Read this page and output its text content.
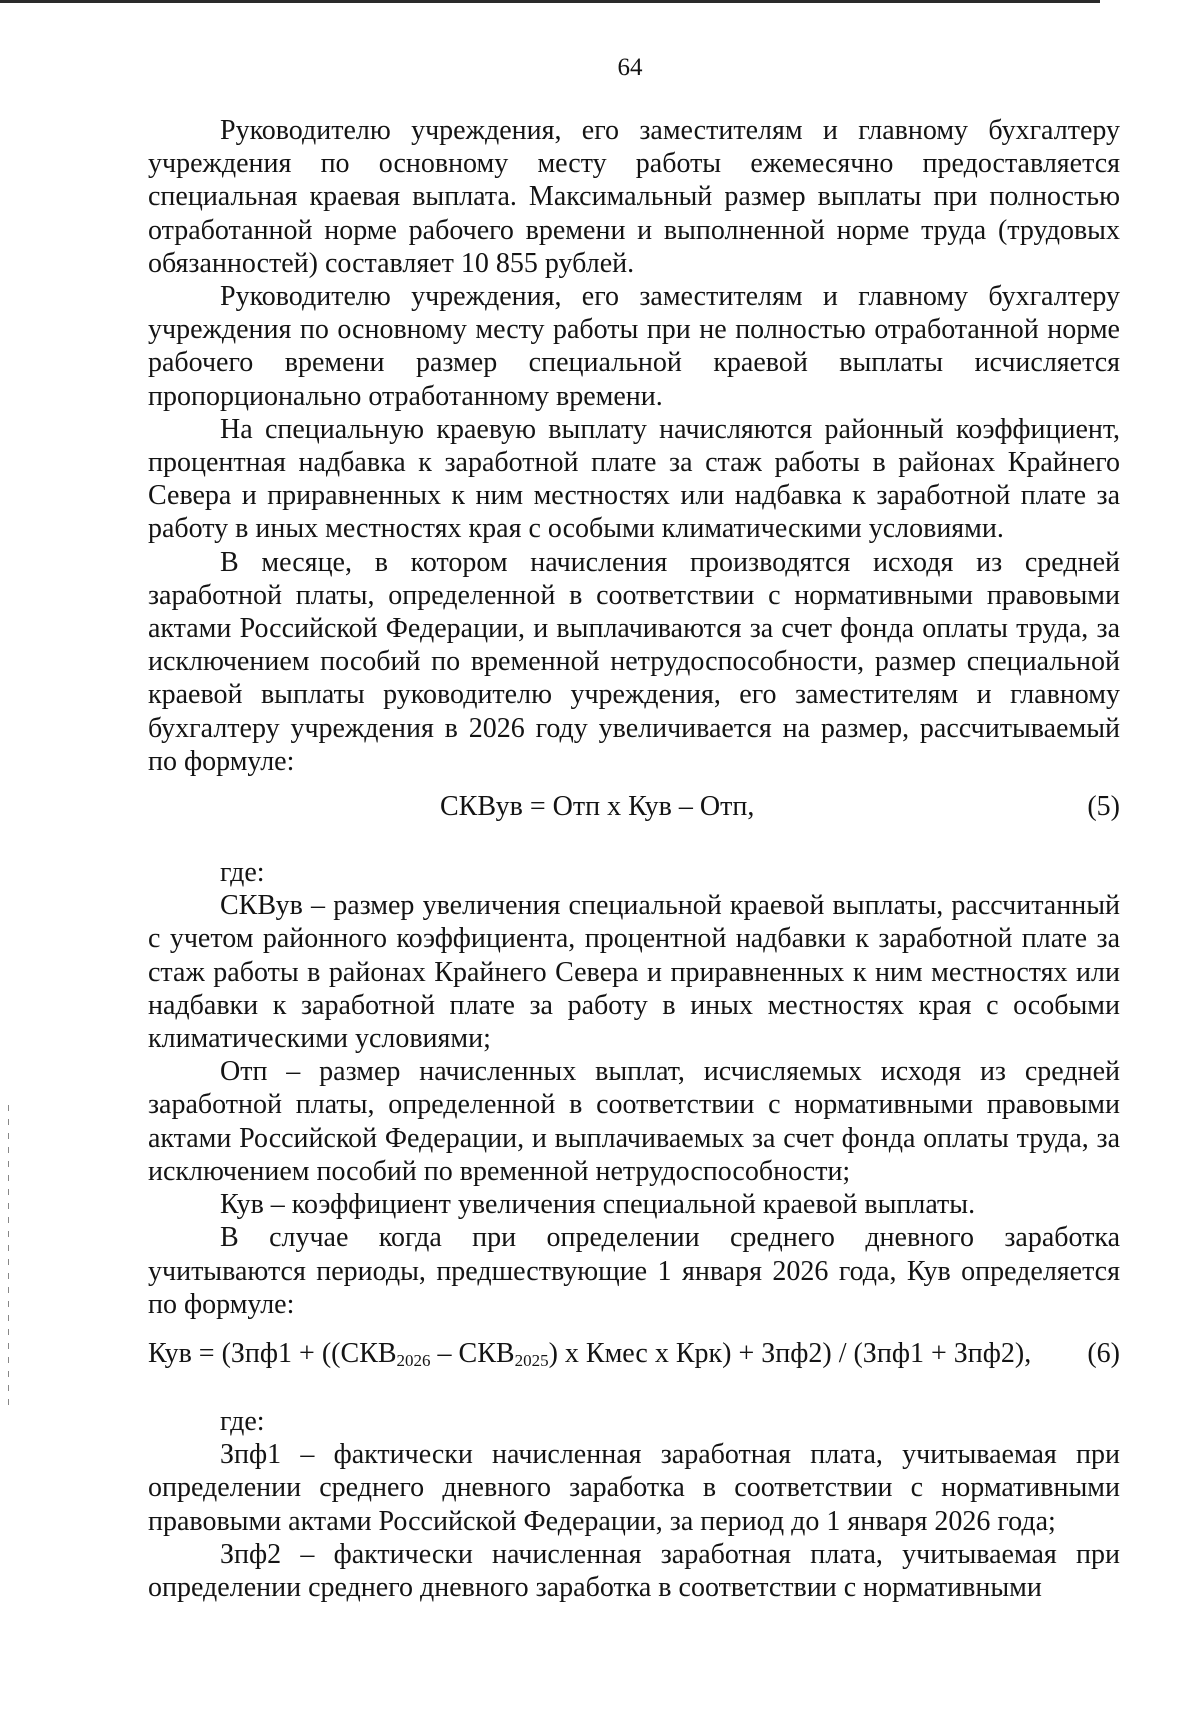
64

Руководителю учреждения, его заместителям и главному бухгалтеру учреждения по основному месту работы ежемесячно предоставляется специальная краевая выплата. Максимальный размер выплаты при полностью отработанной норме рабочего времени и выполненной норме труда (трудовых обязанностей) составляет 10 855 рублей.

Руководителю учреждения, его заместителям и главному бухгалтеру учреждения по основному месту работы при не полностью отработанной норме рабочего времени размер специальной краевой выплаты исчисляется пропорционально отработанному времени.

На специальную краевую выплату начисляются районный коэффициент, процентная надбавка к заработной плате за стаж работы в районах Крайнего Севера и приравненных к ним местностях или надбавка к заработной плате за работу в иных местностях края с особыми климатическими условиями.

В месяце, в котором начисления производятся исходя из средней заработной платы, определенной в соответствии с нормативными правовыми актами Российской Федерации, и выплачиваются за счет фонда оплаты труда, за исключением пособий по временной нетрудоспособности, размер специальной краевой выплаты руководителю учреждения, его заместителям и главному бухгалтеру учреждения в 2026 году увеличивается на размер, рассчитываемый по формуле:

СКВув = Отп х Кув – Отп,	(5)

где:

СКВув – размер увеличения специальной краевой выплаты, рассчитанный с учетом районного коэффициента, процентной надбавки к заработной плате за стаж работы в районах Крайнего Севера и приравненных к ним местностях или надбавки к заработной плате за работу в иных местностях края с особыми климатическими условиями;

Отп – размер начисленных выплат, исчисляемых исходя из средней заработной платы, определенной в соответствии с нормативными правовыми актами Российской Федерации, и выплачиваемых за счет фонда оплаты труда, за исключением пособий по временной нетрудоспособности;

Кув – коэффициент увеличения специальной краевой выплаты.

В случае когда при определении среднего дневного заработка учитываются периоды, предшествующие 1 января 2026 года, Кув определяется по формуле:

Кув = ($Зпф1 + ((СКВ_{2026} - СКВ_{2025})$ х Кмес х Крк) + Зпф2) / (Зпф1 + Зпф2), (6)

где:

Зпф1 – фактически начисленная заработная плата, учитываемая при определении среднего дневного заработка в соответствии с нормативными правовыми актами Российской Федерации, за период до 1 января 2026 года;

Зпф2 – фактически начисленная заработная плата, учитываемая при определении среднего дневного заработка в соответствии с нормативными
